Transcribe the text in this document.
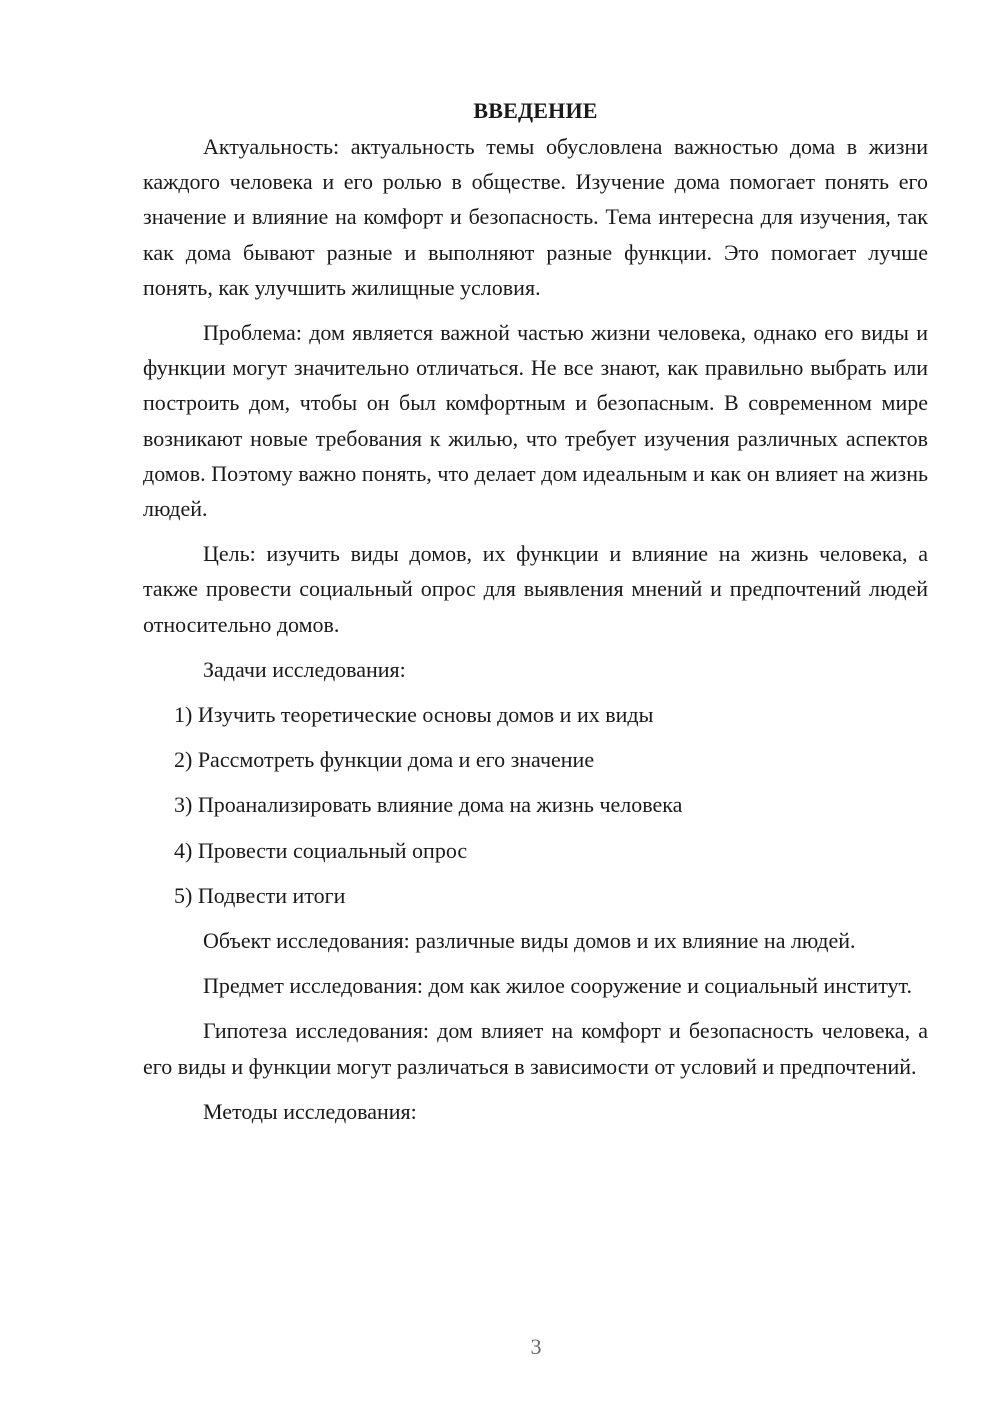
ВВЕДЕНИЕ

Актуальность: актуальность темы обусловлена важностью дома в жизни каждого человека и его ролью в обществе. Изучение дома помогает понять его значение и влияние на комфорт и безопасность. Тема интересна для изучения, так как дома бывают разные и выполняют разные функции. Это помогает лучше понять, как улучшить жилищные условия.

Проблема: дом является важной частью жизни человека, однако его виды и функции могут значительно отличаться. Не все знают, как правильно выбрать или построить дом, чтобы он был комфортным и безопасным. В современном мире возникают новые требования к жилью, что требует изучения различных аспектов домов. Поэтому важно понять, что делает дом идеальным и как он влияет на жизнь людей.

Цель: изучить виды домов, их функции и влияние на жизнь человека, а также провести социальный опрос для выявления мнений и предпочтений людей относительно домов.

Задачи исследования:

1) Изучить теоретические основы домов и их виды
2) Рассмотреть функции дома и его значение
3) Проанализировать влияние дома на жизнь человека
4) Провести социальный опрос
5) Подвести итоги

Объект исследования: различные виды домов и их влияние на людей.

Предмет исследования: дом как жилое сооружение и социальный институт.

Гипотеза исследования: дом влияет на комфорт и безопасность человека, а его виды и функции могут различаться в зависимости от условий и предпочтений.

Методы исследования:

3
